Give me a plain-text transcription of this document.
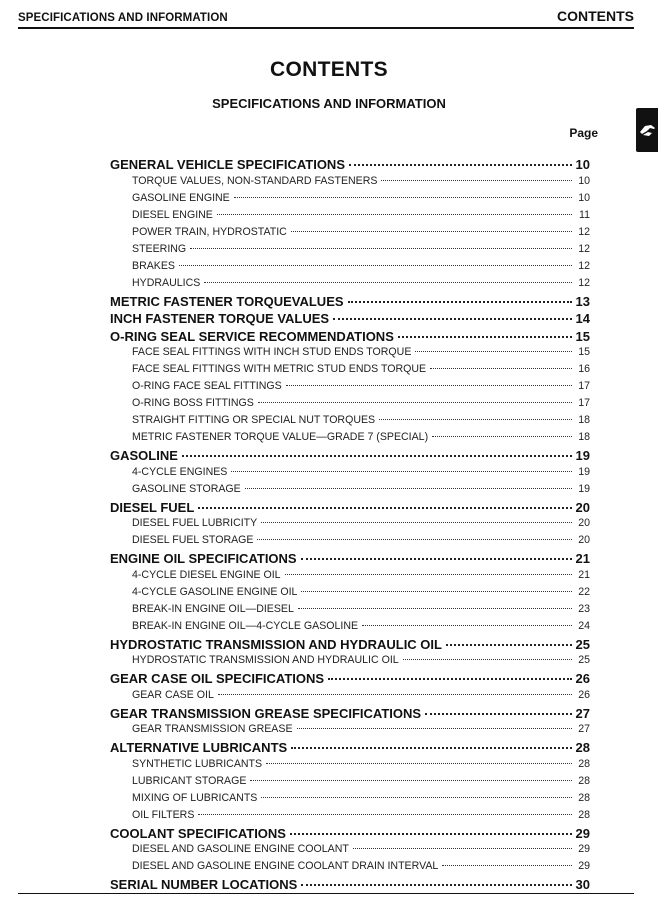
SPECIFICATIONS AND INFORMATION	CONTENTS
CONTENTS
SPECIFICATIONS AND INFORMATION
Page
GENERAL VEHICLE SPECIFICATIONS	10
TORQUE VALUES, NON-STANDARD FASTENERS	10
GASOLINE ENGINE	10
DIESEL ENGINE	11
POWER TRAIN, HYDROSTATIC	12
STEERING	12
BRAKES	12
HYDRAULICS	12
METRIC FASTENER TORQUEVALUES	13
INCH FASTENER TORQUE VALUES	14
O-RING SEAL SERVICE RECOMMENDATIONS	15
FACE SEAL FITTINGS WITH INCH STUD ENDS TORQUE	15
FACE SEAL FITTINGS WITH METRIC STUD ENDS TORQUE	16
O-RING FACE SEAL FITTINGS	17
O-RING BOSS FITTINGS	17
STRAIGHT FITTING OR SPECIAL NUT TORQUES	18
METRIC FASTENER TORQUE VALUE—GRADE 7 (SPECIAL)	18
GASOLINE	19
4-CYCLE ENGINES	19
GASOLINE STORAGE	19
DIESEL FUEL	20
DIESEL FUEL LUBRICITY	20
DIESEL FUEL STORAGE	20
ENGINE OIL SPECIFICATIONS	21
4-CYCLE DIESEL ENGINE OIL	21
4-CYCLE GASOLINE ENGINE OIL	22
BREAK-IN ENGINE OIL—DIESEL	23
BREAK-IN ENGINE OIL—4-CYCLE GASOLINE	24
HYDROSTATIC TRANSMISSION AND HYDRAULIC OIL	25
HYDROSTATIC TRANSMISSION AND HYDRAULIC OIL	25
GEAR CASE OIL SPECIFICATIONS	26
GEAR CASE OIL	26
GEAR TRANSMISSION GREASE SPECIFICATIONS	27
GEAR TRANSMISSION GREASE	27
ALTERNATIVE LUBRICANTS	28
SYNTHETIC LUBRICANTS	28
LUBRICANT STORAGE	28
MIXING OF LUBRICANTS	28
OIL FILTERS	28
COOLANT SPECIFICATIONS	29
DIESEL AND GASOLINE ENGINE COOLANT	29
DIESEL AND GASOLINE ENGINE COOLANT DRAIN INTERVAL	29
SERIAL NUMBER LOCATIONS	30
